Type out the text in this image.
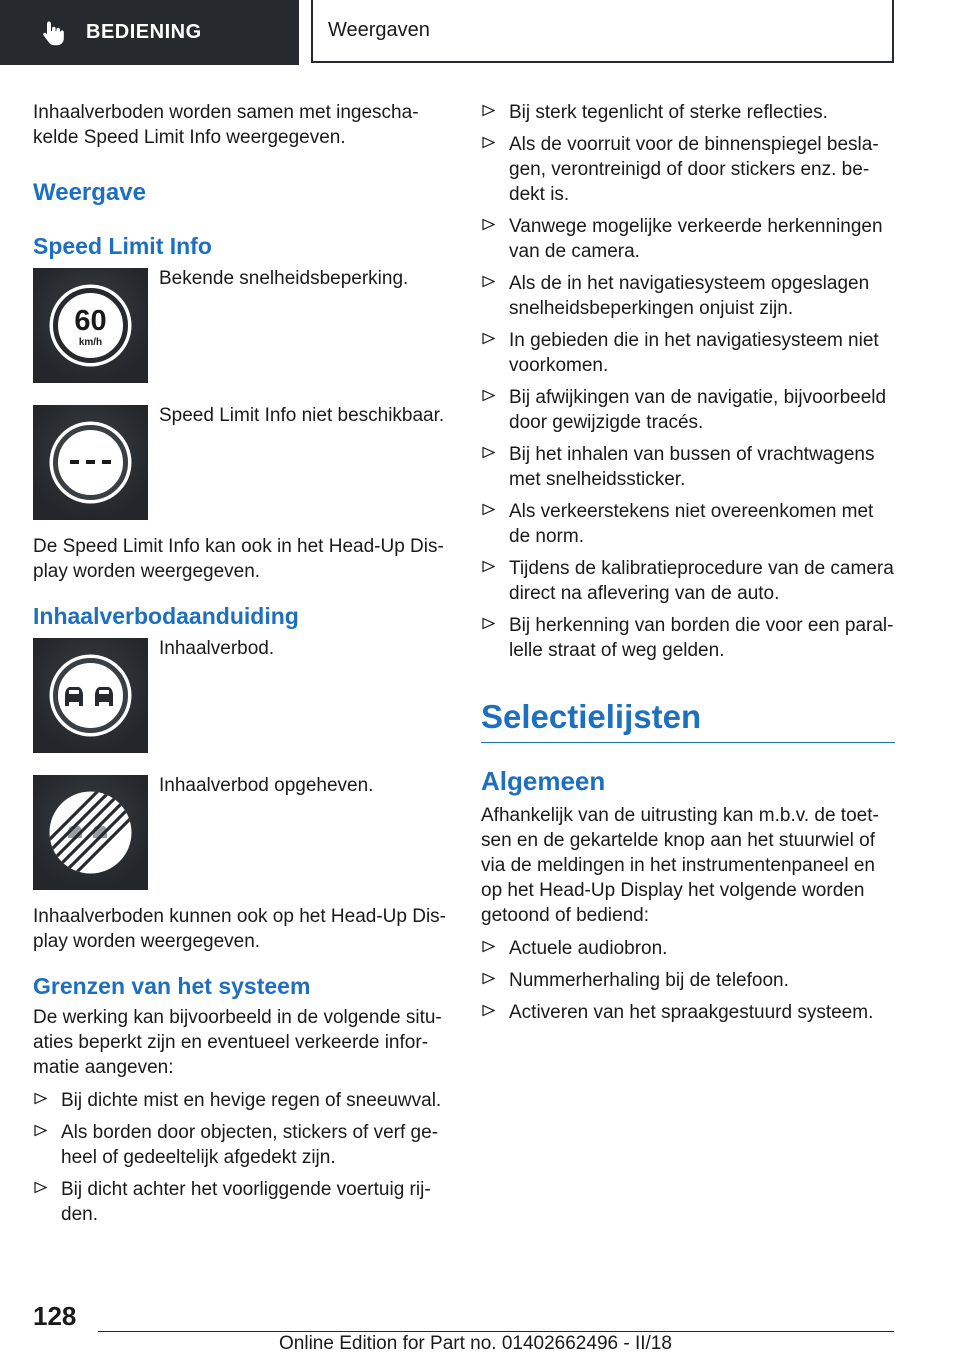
BEDIENING	Weergaven

Inhaalverboden worden samen met ingeschakelde Speed Limit Info weergegeven.

Weergave
Speed Limit Info
60
km/h
Bekende snelheidsbeperking.
Speed Limit Info niet beschikbaar.

De Speed Limit Info kan ook in het Head-Up Display worden weergegeven.

Inhaalverbodaanduiding
Inhaalverbod.
Inhaalverbod opgeheven.

Inhaalverboden kunnen ook op het Head-Up Display worden weergegeven.

Grenzen van het systeem

De werking kan bijvoorbeeld in de volgende situaties beperkt zijn en eventueel verkeerde informatie aangeven:

Bij dichte mist en hevige regen of sneeuwval.
Als borden door objecten, stickers of verf geheel of gedeeltelijk afgedekt zijn.
Bij dicht achter het voorliggende voertuig rijden.
Bij sterk tegenlicht of sterke reflecties.
Als de voorruit voor de binnenspiegel beslagen, verontreinigd of door stickers enz. bedekt is.
Vanwege mogelijke verkeerde herkenningen van de camera.
Als de in het navigatiesysteem opgeslagen snelheidsbeperkingen onjuist zijn.
In gebieden die in het navigatiesysteem niet voorkomen.
Bij afwijkingen van de navigatie, bijvoorbeeld door gewijzigde tracés.
Bij het inhalen van bussen of vrachtwagens met snelheidssticker.
Als verkeerstekens niet overeenkomen met de norm.
Tijdens de kalibratieprocedure van de camera direct na aflevering van de auto.
Bij herkenning van borden die voor een parallelle straat of weg gelden.
Selectielijsten
Algemeen

Afhankelijk van de uitrusting kan m.b.v. de toetsen en de gekartelde knop aan het stuurwiel of via de meldingen in het instrumentenpaneel en op het Head-Up Display het volgende worden getoond of bediend:

Actuele audiobron.
Nummerherhaling bij de telefoon.
Activeren van het spraakgestuurd systeem.
128
Online Edition for Part no. 01402662496 - II/18
